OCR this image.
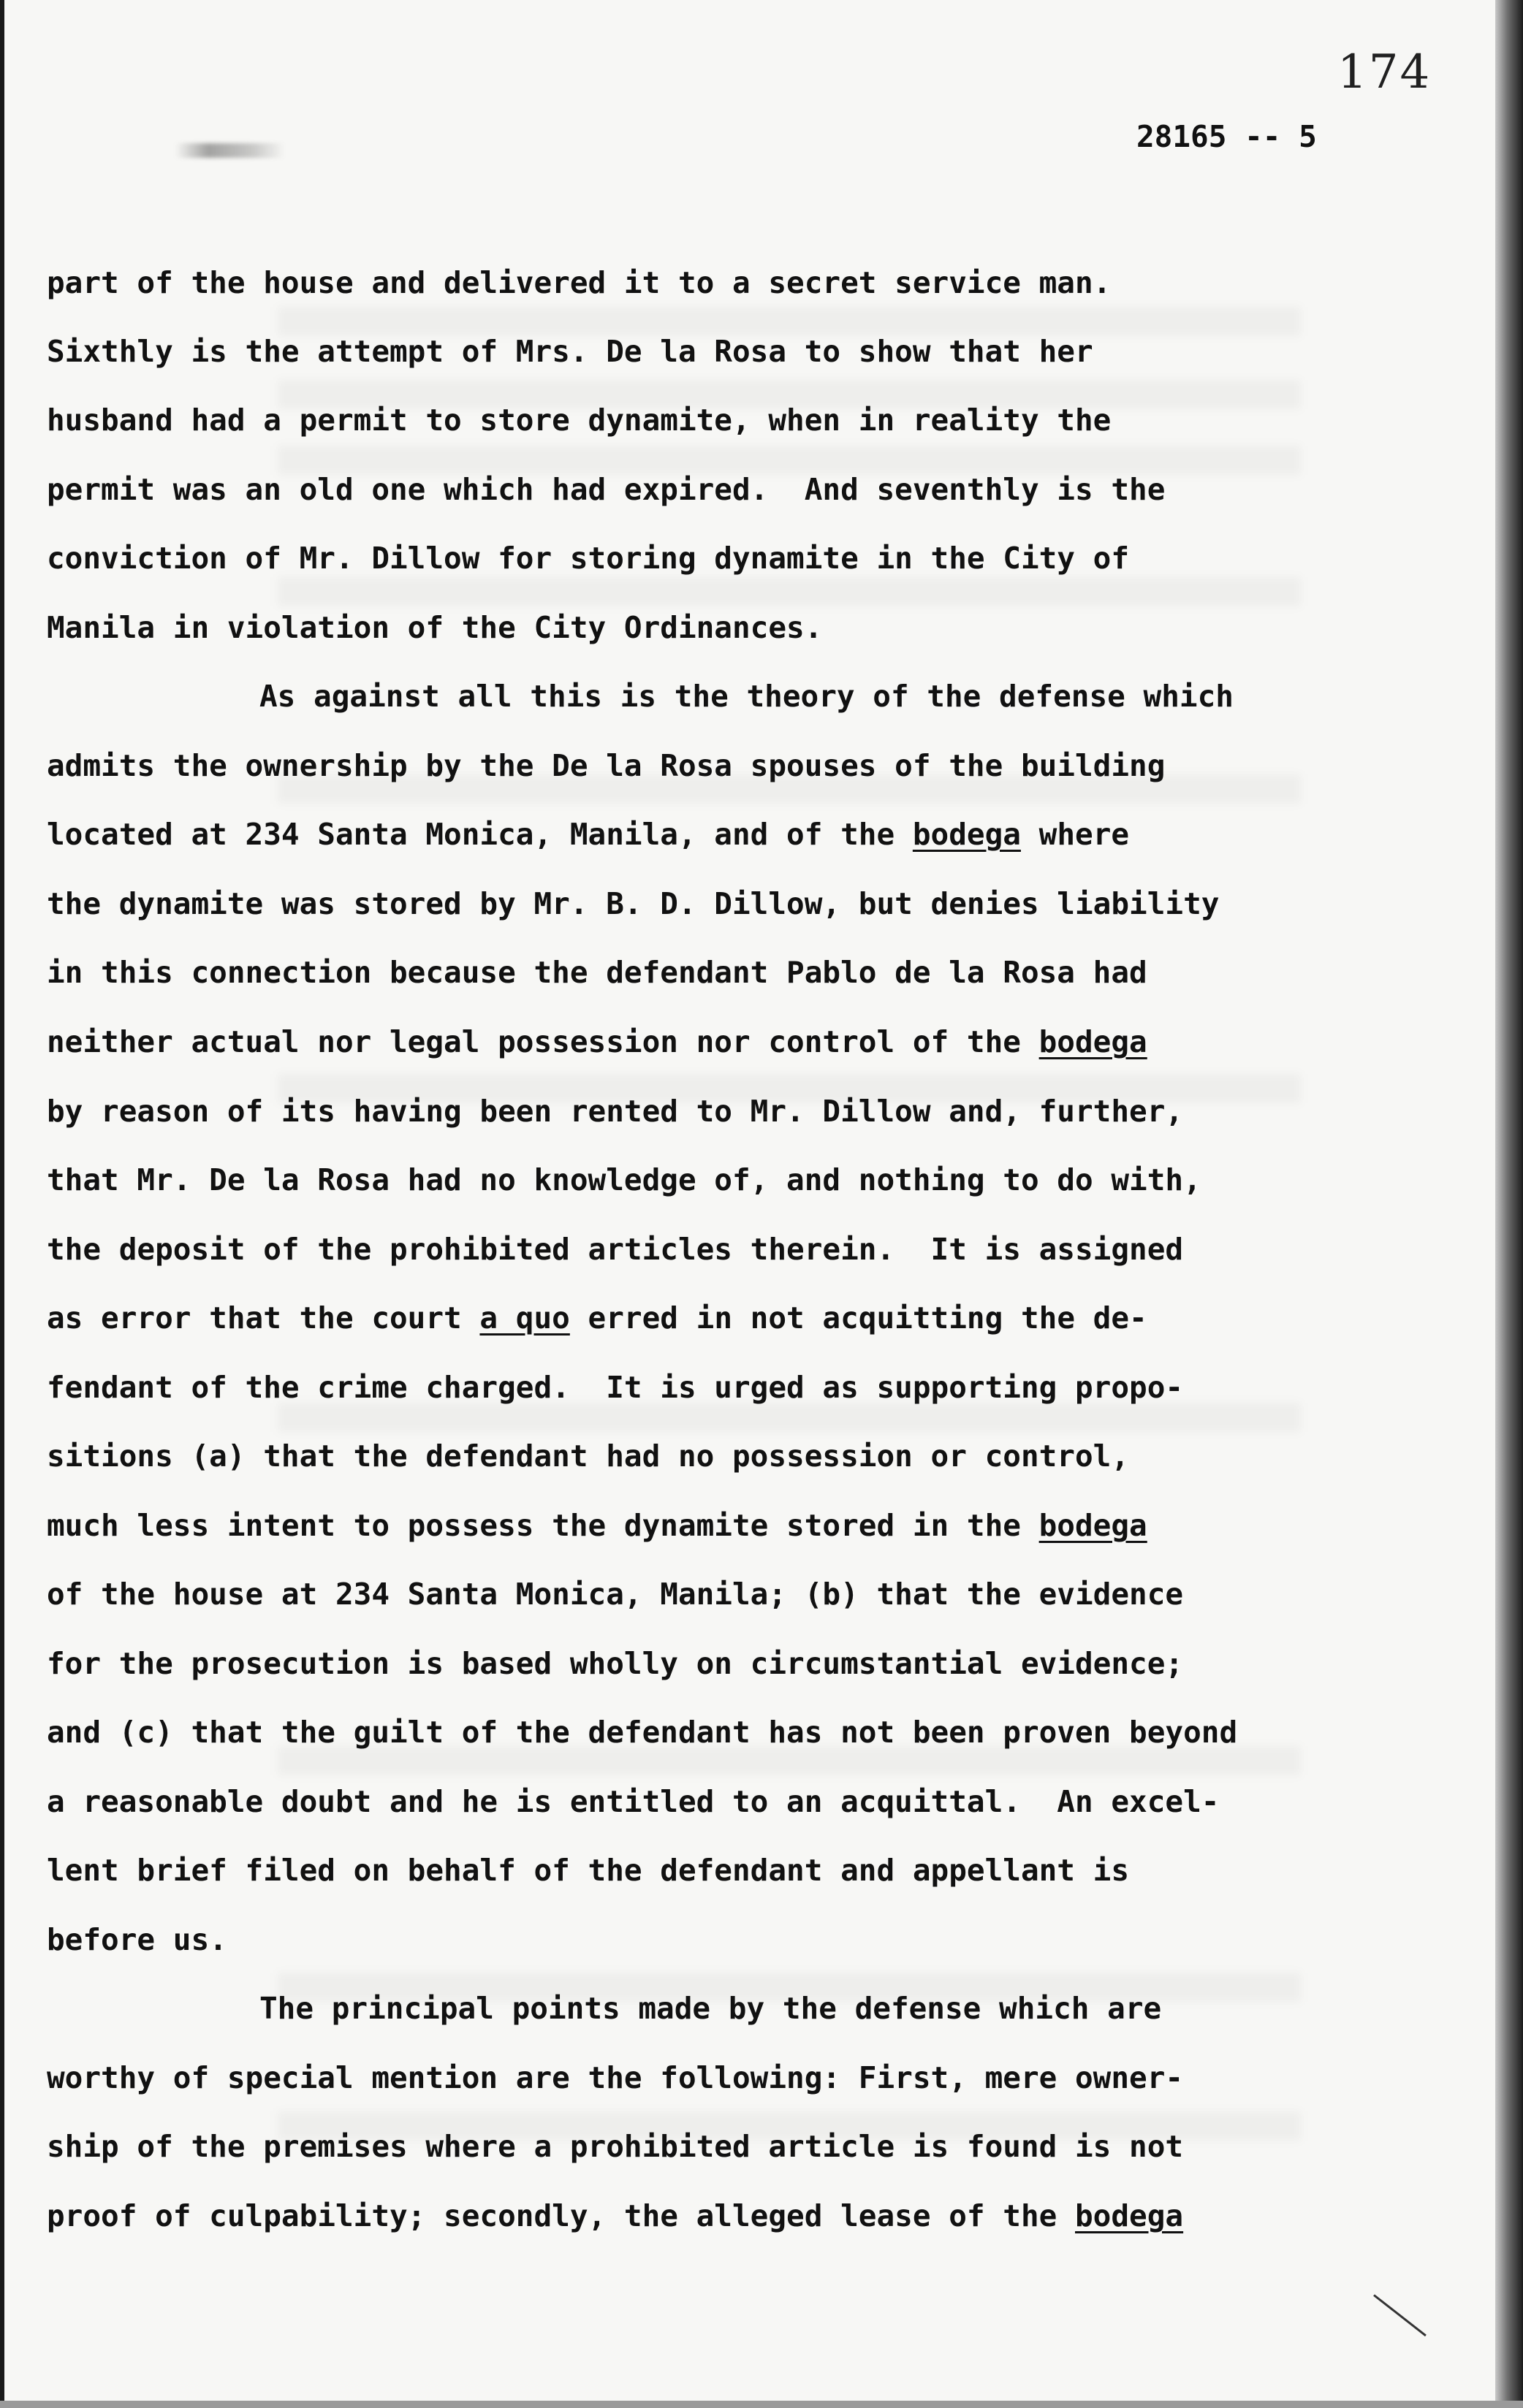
174
28165 -- 5
part of the house and delivered it to a secret service man.
Sixthly is the attempt of Mrs. De la Rosa to show that her
husband had a permit to store dynamite, when in reality the
permit was an old one which had expired.  And seventhly is the
conviction of Mr. Dillow for storing dynamite in the City of
Manila in violation of the City Ordinances.
As against all this is the theory of the defense which
admits the ownership by the De la Rosa spouses of the building
located at 234 Santa Monica, Manila, and of the bodega where
the dynamite was stored by Mr. B. D. Dillow, but denies liability
in this connection because the defendant Pablo de la Rosa had
neither actual nor legal possession nor control of the bodega
by reason of its having been rented to Mr. Dillow and, further,
that Mr. De la Rosa had no knowledge of, and nothing to do with,
the deposit of the prohibited articles therein.  It is assigned
as error that the court a quo erred in not acquitting the de-
fendant of the crime charged.  It is urged as supporting propo-
sitions (a) that the defendant had no possession or control,
much less intent to possess the dynamite stored in the bodega
of the house at 234 Santa Monica, Manila; (b) that the evidence
for the prosecution is based wholly on circumstantial evidence;
and (c) that the guilt of the defendant has not been proven beyond
a reasonable doubt and he is entitled to an acquittal.  An excel-
lent brief filed on behalf of the defendant and appellant is
before us.
The principal points made by the defense which are
worthy of special mention are the following: First, mere owner-
ship of the premises where a prohibited article is found is not
proof of culpability; secondly, the alleged lease of the bodega
